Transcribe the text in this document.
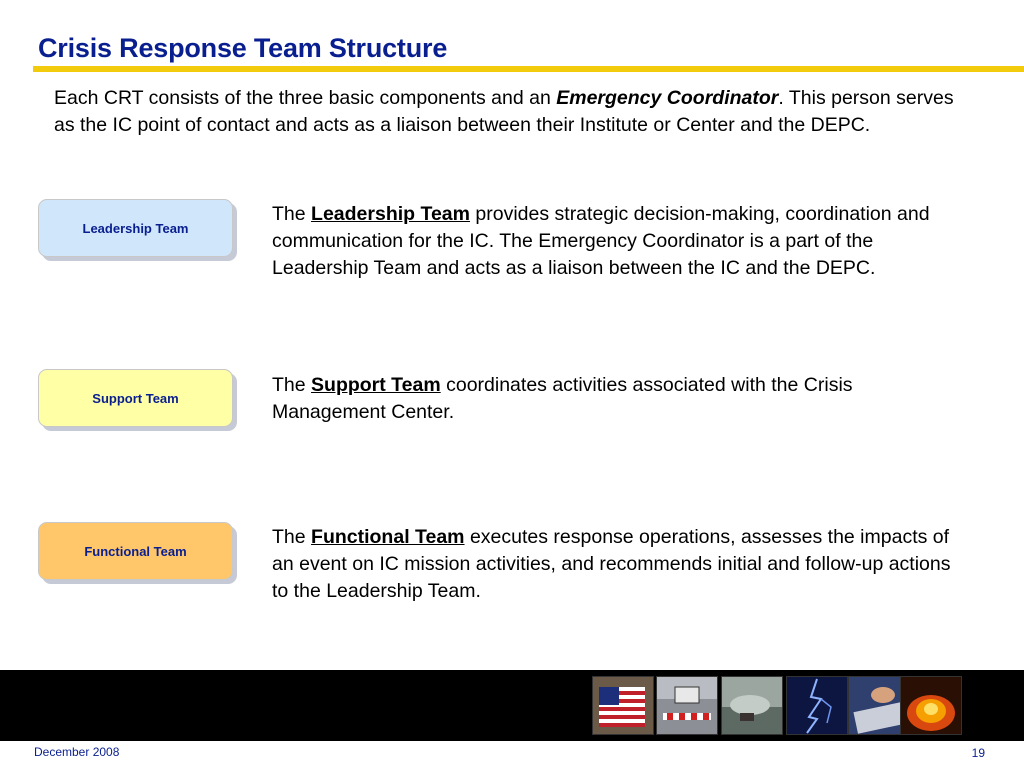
Crisis Response Team Structure

Each CRT consists of the three basic components and an Emergency Coordinator. This person serves as the IC point of contact and acts as a liaison between their Institute or Center and the DEPC.

Leadership Team

The Leadership Team provides strategic decision-making, coordination and communication for the IC. The Emergency Coordinator is a part of the Leadership Team and acts as a liaison between the IC and the DEPC.

Support Team

The Support Team coordinates activities associated with the Crisis Management Center.

Functional Team

The Functional Team executes response operations, assesses the impacts of an event on IC mission activities, and recommends initial and follow-up actions to the Leadership Team.

December 2008	19
